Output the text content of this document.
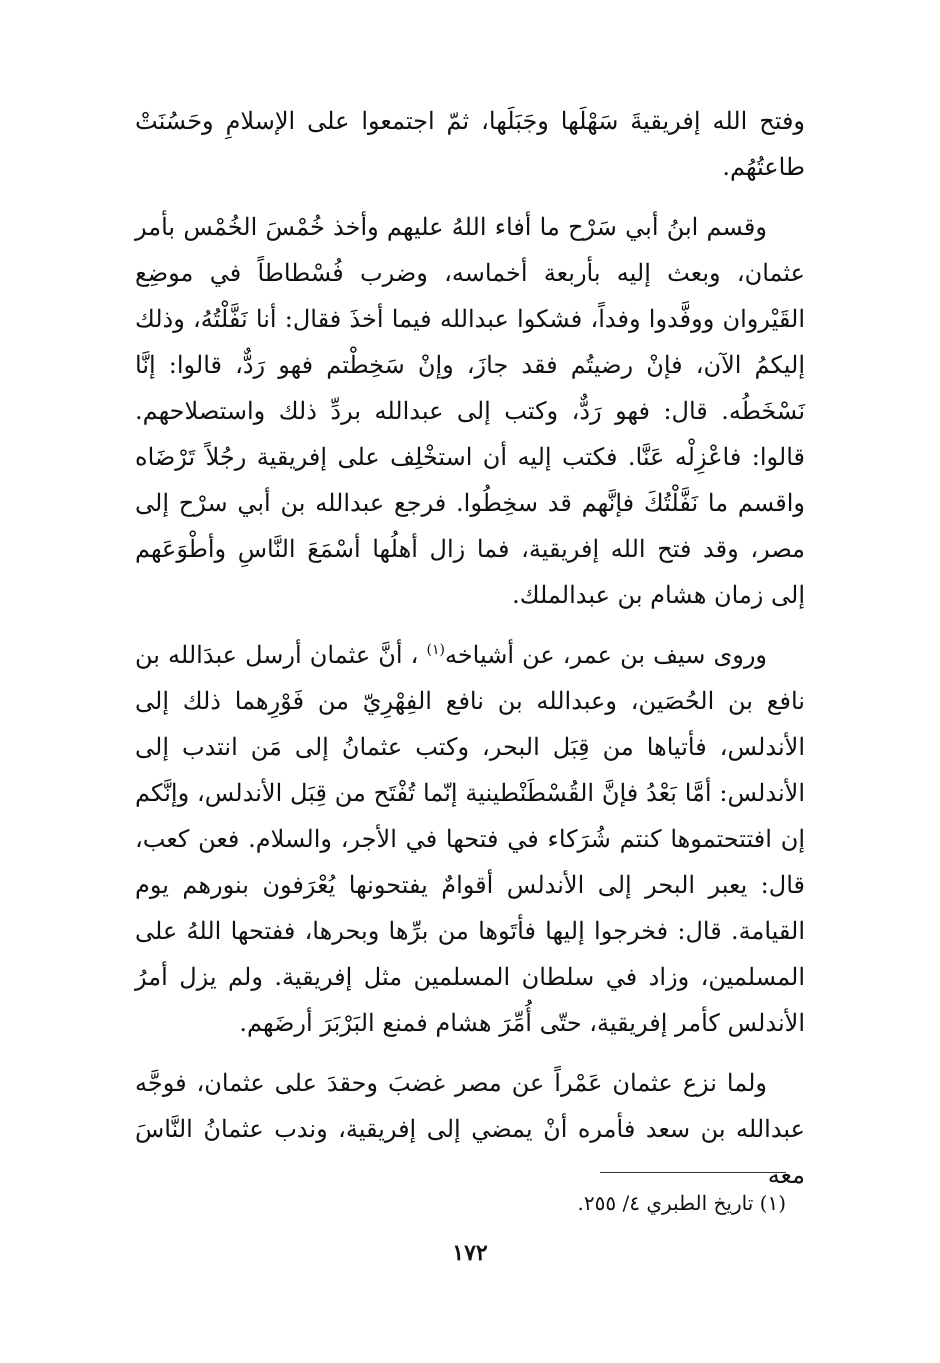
وفتح الله إفريقيةَ سَهْلَها وجَبَلَها، ثمّ اجتمعوا على الإسلامِ وحَسُنَتْ طاعتُهُم.

وقسم ابنُ أبي سَرْح ما أفاء اللهُ عليهم وأخذ خُمْسَ الخُمْس بأمر عثمان، وبعث إليه بأربعة أخماسه، وضرب فُسْطاطاً في موضِع القَيْروان ووفَّدوا وفداً، فشكوا عبدالله فيما أخذَ فقال: أنا نَفَّلْتُهُ، وذلك إليكمُ الآن، فإنْ رضيتُم فقد جازَ، وإنْ سَخِطْتم فهو رَدٌّ، قالوا: إنَّا نَسْخَطُه. قال: فهو رَدٌّ، وكتب إلى عبدالله بردِّ ذلك واستصلاحهم. قالوا: فاعْزِلْه عَنَّا. فكتب إليه أن استخْلِف على إفريقية رجُلاً تَرْضَاه واقسم ما نَفَّلْتُكَ فإنَّهم قد سخِطُوا. فرجع عبدالله بن أبي سرْح إلى مصر، وقد فتح الله إفريقية، فما زال أهلُها أسْمَعَ النَّاسِ وأطْوَعَهم إلى زمان هشام بن عبدالملك.

وروى سيف بن عمر، عن أشياخه$^{(١)}$ ، أنَّ عثمان أرسل عبدَالله بن نافع بن الحُصَين، وعبدالله بن نافع الفِهْرِيّ من فَوْرِهما ذلك إلى الأندلس، فأتياها من قِبَل البحر، وكتب عثمانُ إلى مَن انتدب إلى الأندلس: أمَّا بَعْدُ فإنَّ القُسْطَنْطينية إنّما تُفْتَح من قِبَل الأندلس، وإنَّكم إن افتتحتموها كنتم شُرَكاء في فتحها في الأجر، والسلام. فعن كعب، قال: يعبر البحر إلى الأندلس أقوامٌ يفتحونها يُعْرَفون بنورهم يوم القيامة. قال: فخرجوا إليها فأتَوها من برِّها وبحرها، ففتحها اللهُ على المسلمين، وزاد في سلطان المسلمين مثل إفريقية. ولم يزل أمرُ الأندلس كأمر إفريقية، حتّى أُمِّرَ هشام فمنع البَرْبَرَ أرضَهم.

ولما نزع عثمان عَمْراً عن مصر غضبَ وحقدَ على عثمان، فوجَّه عبدالله بن سعد فأمره أنْ يمضي إلى إفريقية، وندب عثمانُ النَّاسَ معه

(١) تاريخ الطبري ٤/ ٢٥٥.
١٧٢
